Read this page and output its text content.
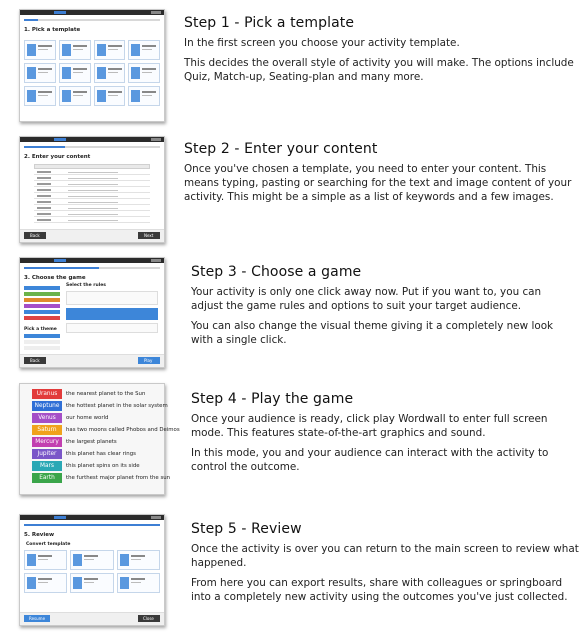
1. Pick a template	Step 1 - Pick a template

In the first screen you choose your activity template.

This decides the overall style of activity you will make. The options include Quiz, Match-up, Seating-plan and many more.

2. Enter your content
Back	Next
Step 2 - Enter your content

Once you've chosen a template, you need to enter your content. This means typing, pasting or searching for the text and image content of your activity. This might be a simple as a list of keywords and a few images.

3. Choose the game
Select the rules
Pick a theme
Back	Play
Step 3 - Choose a game

Your activity is only one click away now. Put if you want to, you can adjust the game rules and options to suit your target audience.

You can also change the visual theme giving it a completely new look with a single click.

Uranus	the nearest planet to the Sun
Neptune	the hottest planet in the solar system
Venus	our home world
Saturn	has two moons called Phobos and Deimos
Mercury	the largest planets
Jupiter	this planet has clear rings
Mars	this planet spins on its side
Earth	the furthest major planet from the sun
Step 4 - Play the game

Once your audience is ready, click play Wordwall to enter full screen mode. This features state-of-the-art graphics and sound.

In this mode, you and your audience can interact with the activity to control the outcome.

5. Review
Convert template
Resume	Close
Step 5 - Review

Once the activity is over you can return to the main screen to review what happened.

From here you can export results, share with colleagues or springboard into a completely new activity using the outcomes you've just collected.
